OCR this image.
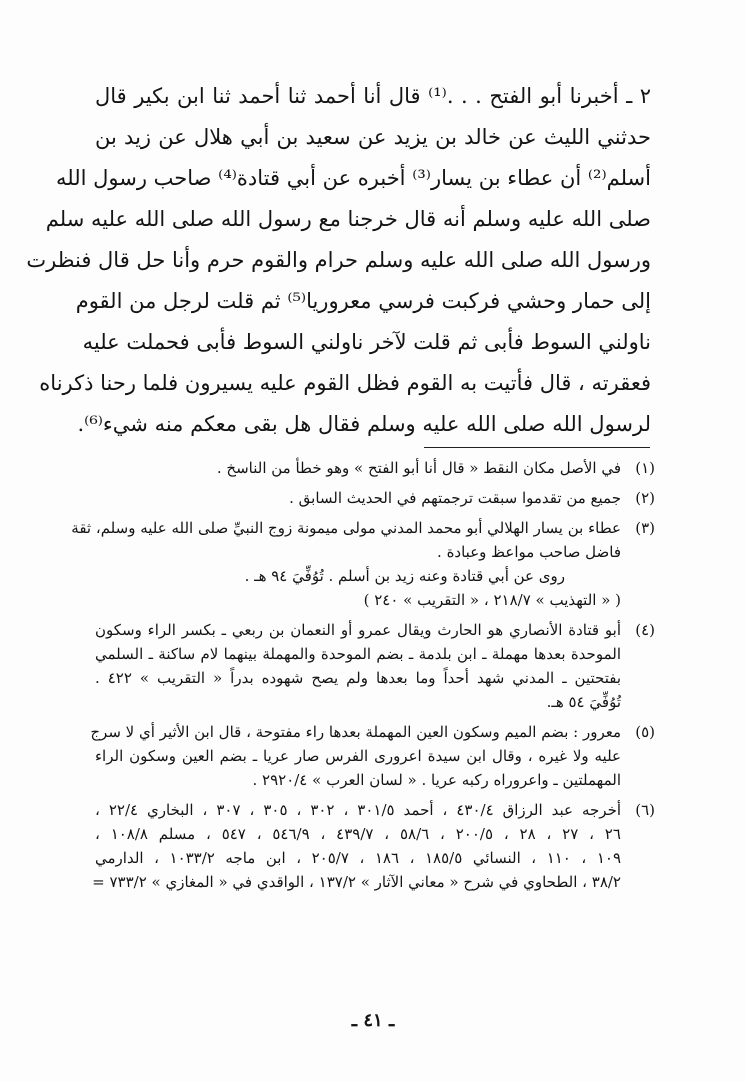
٢ ـ أخبرنا أبو الفتح . . .⁽¹⁾ قال أنا أحمد ثنا أحمد ثنا ابن بكير قال
حدثني الليث عن خالد بن يزيد عن سعيد بن أبي هلال عن زيد بن
أسلم⁽²⁾ أن عطاء بن يسار⁽³⁾ أخبره عن أبي قتادة⁽⁴⁾ صاحب رسول الله
صلى الله عليه وسلم أنه قال خرجنا مع رسول الله صلى الله عليه سلم
ورسول الله صلى الله عليه وسلم حرام والقوم حرم وأنا حل قال فنظرت
إلى حمار وحشي فركبت فرسي معروريا⁽⁵⁾ ثم قلت لرجل من القوم
ناولني السوط فأبى ثم قلت لآخر ناولني السوط فأبى فحملت عليه
فعقرته ، قال فأتيت به القوم فظل القوم عليه يسيرون فلما رحنا ذكرناه
لرسول الله صلى الله عليه وسلم فقال هل بقى معكم منه شيء⁽⁶⁾.
(١)
في الأصل مكان النقط « قال أنا أبو الفتح » وهو خطأ من الناسخ .
(٢)
جميع من تقدموا سبقت ترجمتهم في الحديث السابق .
(٣)
عطاء بن يسار الهلالي أبو محمد المدني مولى ميمونة زوج النبيِّ صلى الله عليه وسلم، ثقة
فاضل صاحب مواعظ وعبادة .
روى عن أبي قتادة وعنه زيد بن أسلم . تُوُفِّيَ ٩٤ هـ .
( « التهذيب » ٢١٨/٧ ، « التقريب » ٢٤٠ )
(٤)
أبو قتادة الأنصاري هو الحارث ويقال عمرو أو النعمان بن ربعي ـ بكسر الراء وسكون
الموحدة بعدها مهملة ـ ابن بلدمة ـ بضم الموحدة والمهملة بينهما لام ساكنة ـ السلمي
بفتحتين ـ المدني شهد أحداً وما بعدها ولم يصح شهوده بدراً « التقريب » ٤٢٢ .
تُوُفِّيَ ٥٤ هـ.
(٥)
معرور : بضم الميم وسكون العين المهملة بعدها راء مفتوحة ، قال ابن الأثير أي لا سرج
عليه ولا غيره ، وقال ابن سيدة اعرورى الفرس صار عريا ـ بضم العين وسكون الراء
المهملتين ـ واعروراه ركبه عريا . « لسان العرب » ٢٩٢٠/٤ .
(٦)
أخرجه عبد الرزاق ٤٣٠/٤ ، أحمد ٣٠١/٥ ، ٣٠٢ ، ٣٠٥ ، ٣٠٧ ، البخاري ٢٢/٤ ،
٢٦ ، ٢٧ ، ٢٨ ، ٢٠٠/٥ ، ٥٨/٦ ، ٤٣٩/٧ ، ٥٤٦/٩ ، ٥٤٧ ، مسلم ١٠٨/٨ ،
١٠٩ ، ١١٠ ، النسائي ١٨٥/٥ ، ١٨٦ ، ٢٠٥/٧ ، ابن ماجه ١٠٣٣/٢ ، الدارمي
٣٨/٢ ، الطحاوي في شرح « معاني الآثار » ١٣٧/٢ ، الواقدي في « المغازي » ٧٣٣/٢ =
ـ ٤١ ـ
